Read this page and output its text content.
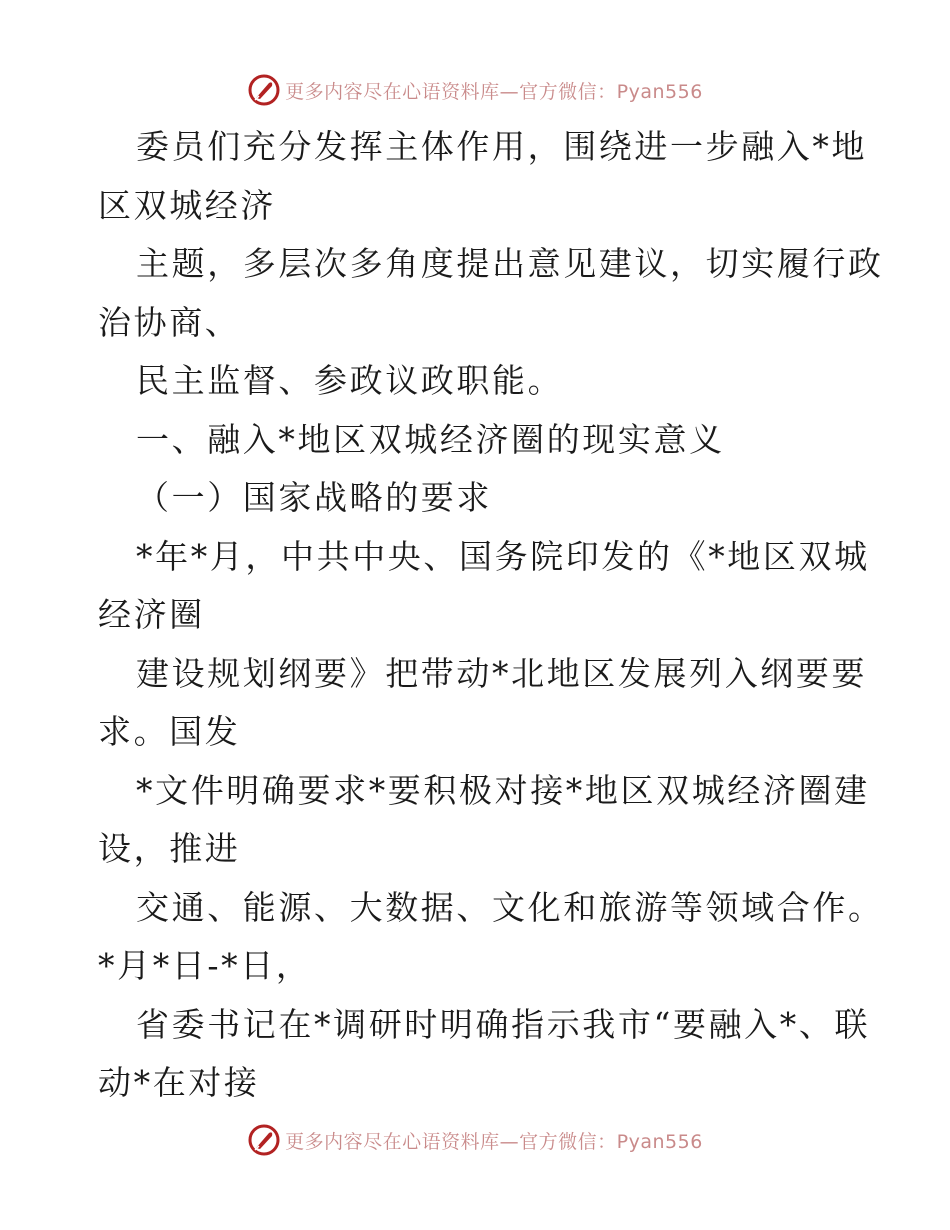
更多内容尽在心语资料库—官方微信：Pyan556
委员们充分发挥主体作用，围绕进一步融入*地
区双城经济
主题，多层次多角度提出意见建议，切实履行政
治协商、
民主监督、参政议政职能。
一、融入*地区双城经济圈的现实意义
（一）国家战略的要求
*年*月，中共中央、国务院印发的《*地区双城
经济圈
建设规划纲要》把带动*北地区发展列入纲要要
求。国发
*文件明确要求*要积极对接*地区双城经济圈建
设，推进
交通、能源、大数据、文化和旅游等领域合作。
*月*日-*日，
省委书记在*调研时明确指示我市“要融入*、联
动*在对接
更多内容尽在心语资料库—官方微信：Pyan556
